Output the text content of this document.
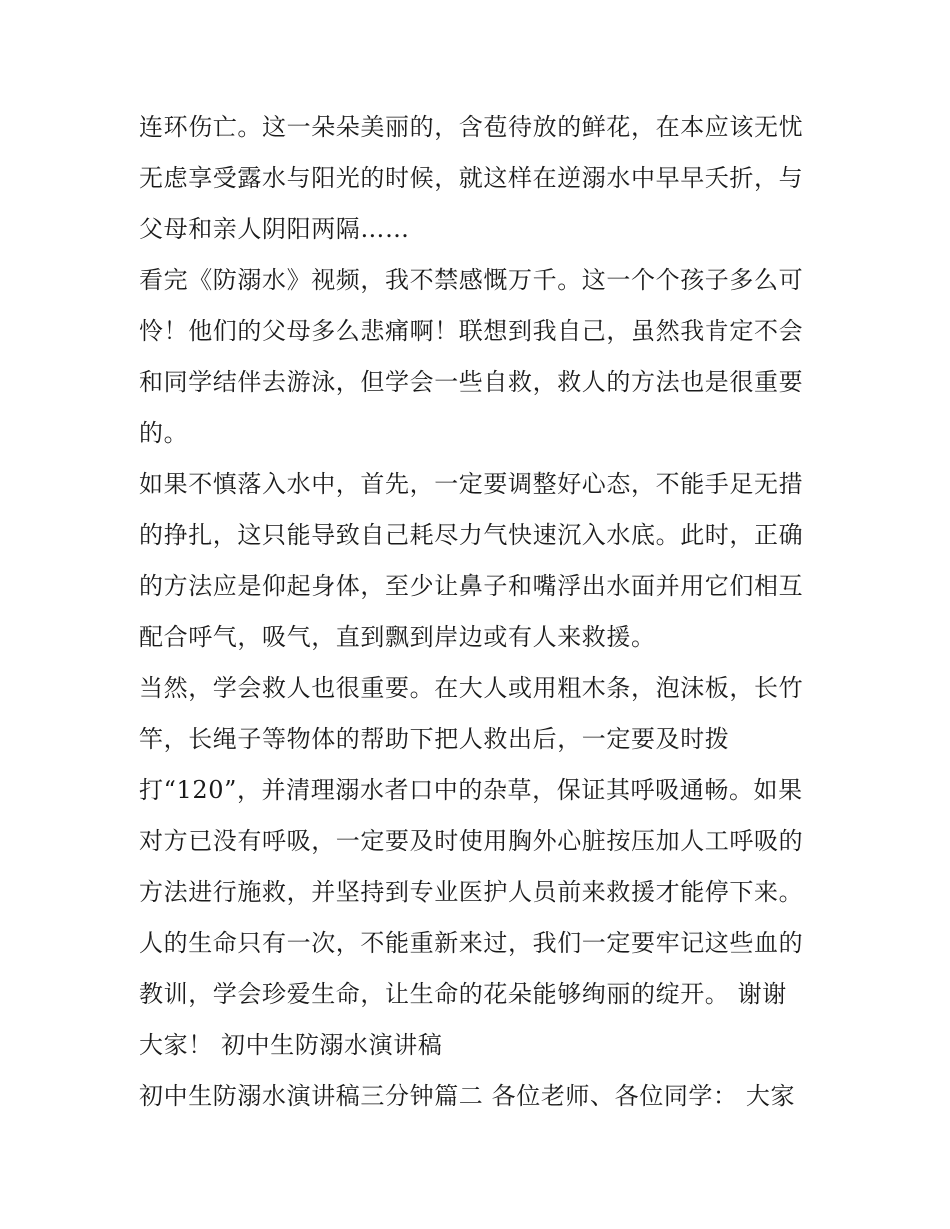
连环伤亡。这一朵朵美丽的，含苞待放的鲜花，在本应该无忧
无虑享受露水与阳光的时候，就这样在逆溺水中早早夭折，与
父母和亲人阴阳两隔……
看完《防溺水》视频，我不禁感慨万千。这一个个孩子多么可
怜！他们的父母多么悲痛啊！联想到我自己，虽然我肯定不会
和同学结伴去游泳，但学会一些自救，救人的方法也是很重要
的。
如果不慎落入水中，首先，一定要调整好心态，不能手足无措
的挣扎，这只能导致自己耗尽力气快速沉入水底。此时，正确
的方法应是仰起身体，至少让鼻子和嘴浮出水面并用它们相互
配合呼气，吸气，直到飘到岸边或有人来救援。
当然，学会救人也很重要。在大人或用粗木条，泡沫板，长竹
竿，长绳子等物体的帮助下把人救出后，一定要及时拨
打“120”，并清理溺水者口中的杂草，保证其呼吸通畅。如果
对方已没有呼吸，一定要及时使用胸外心脏按压加人工呼吸的
方法进行施救，并坚持到专业医护人员前来救援才能停下来。
人的生命只有一次，不能重新来过，我们一定要牢记这些血的
教训，学会珍爱生命，让生命的花朵能够绚丽的绽开。 谢谢
大家！ 初中生防溺水演讲稿
初中生防溺水演讲稿三分钟篇二 各位老师、各位同学： 大家
